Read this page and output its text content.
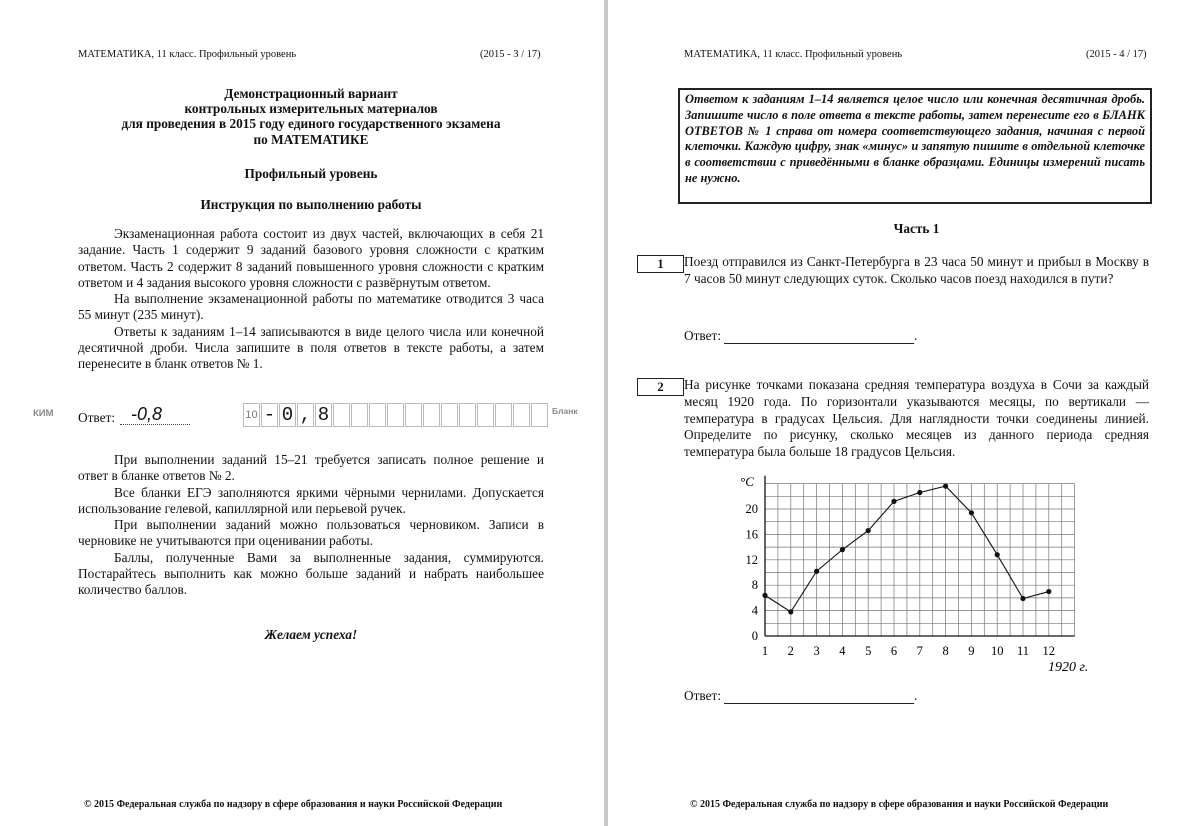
МАТЕМАТИКА, 11 класс. Профильный уровень	(2015 - 3 / 17)
Демонстрационный вариант
контрольных измерительных материалов
для проведения в 2015 году единого государственного экзамена
по МАТЕМАТИКЕ
Профильный уровень
Инструкция по выполнению работы

Экзаменационная работа состоит из двух частей, включающих в себя 21 задание. Часть 1 содержит 9 заданий базового уровня сложности с кратким ответом. Часть 2 содержит 8 заданий повышенного уровня сложности с кратким ответом и 4 задания высокого уровня сложности с развёрнутым ответом.

На выполнение экзаменационной работы по математике отводится 3 часа 55 минут (235 минут).

Ответы к заданиям 1–14 записываются в виде целого числа или конечной десятичной дроби. Числа запишите в поля ответов в тексте работы, а затем перенесите в бланк ответов № 1.

КИМ Ответ: -0,8	10 - 0 , 8	Бланк

При выполнении заданий 15–21 требуется записать полное решение и ответ в бланке ответов № 2.

Все бланки ЕГЭ заполняются яркими чёрными чернилами. Допускается использование гелевой, капиллярной или перьевой ручек.

При выполнении заданий можно пользоваться черновиком. Записи в черновике не учитываются при оценивании работы.

Баллы, полученные Вами за выполненные задания, суммируются. Постарайтесь выполнить как можно больше заданий и набрать наибольшее количество баллов.

Желаем успеха!
© 2015 Федеральная служба по надзору в сфере образования и науки Российской Федерации
МАТЕМАТИКА, 11 класс. Профильный уровень	(2015 - 4 / 17)
Ответом к заданиям 1–14 является целое число или конечная десятичная дробь. Запишите число в поле ответа в тексте работы, затем перенесите его в БЛАНК ОТВЕТОВ № 1 справа от номера соответствующего задания, начиная с первой клеточки. Каждую цифру, знак «минус» и запятую пишите в отдельной клеточке в соответствии с приведёнными в бланке образцами. Единицы измерений писать не нужно.
Часть 1
1	Поезд отправился из Санкт-Петербурга в 23 часа 50 минут и прибыл в Москву в 7 часов 50 минут следующих суток. Сколько часов поезд находился в пути?
Ответ:	.
2	На рисунке точками показана средняя температура воздуха в Сочи за каждый месяц 1920 года. По горизонтали указываются месяцы, по вертикали — температура в градусах Цельсия. Для наглядности точки соединены линией. Определите по рисунку, сколько месяцев из данного периода средняя температура была больше 18 градусов Цельсия.
0
4
8
12
16
20
1 2 3 4 5 6 7 8 9 10 11 12
°C
1920 г.
Ответ:	.
© 2015 Федеральная служба по надзору в сфере образования и науки Российской Федерации
